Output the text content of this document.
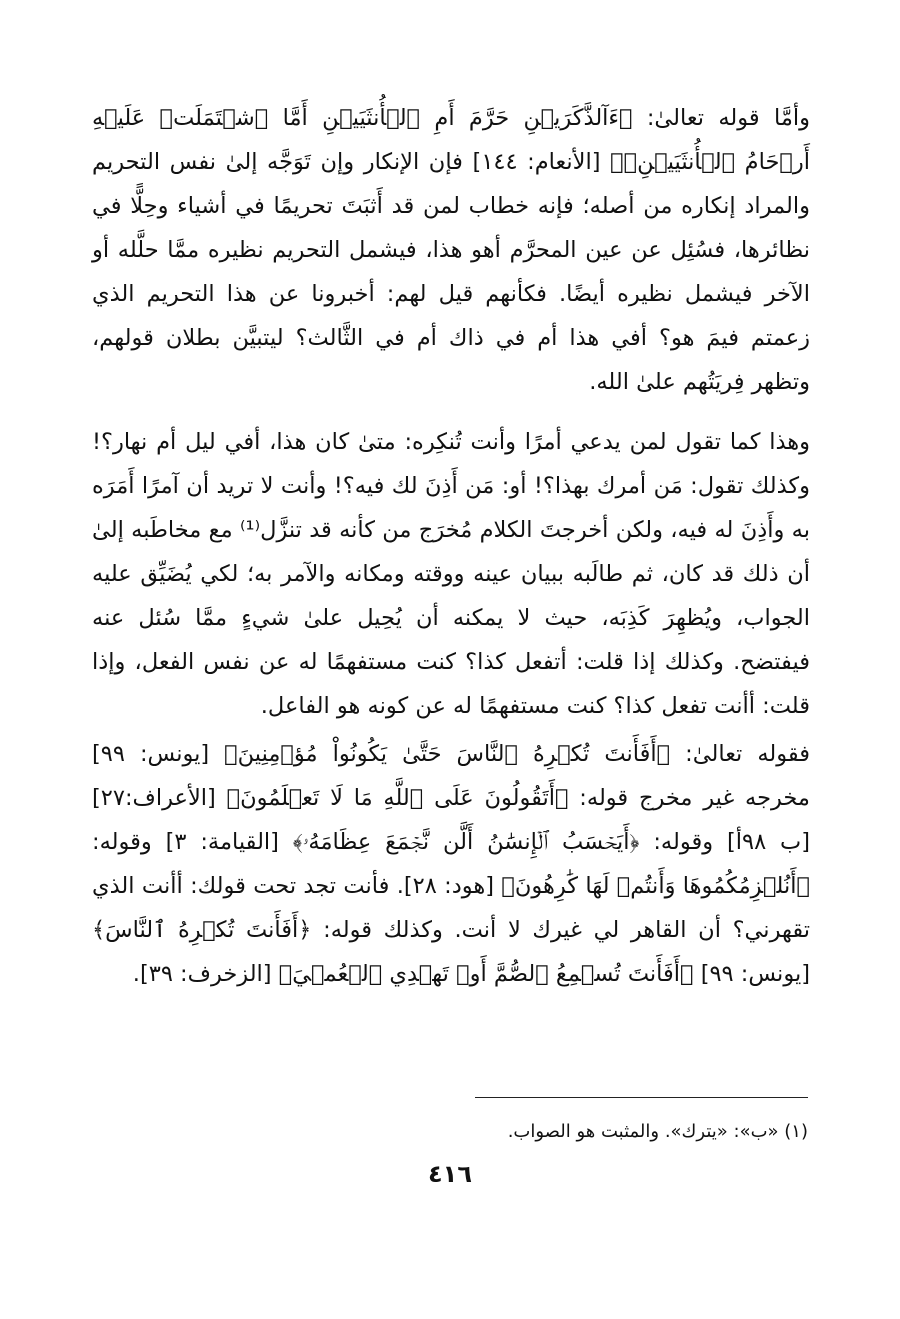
وأمَّا قوله تعالىٰ: ﴿ءَآلذَّكَرَيۡنِ حَرَّمَ أَمِ ٱلۡأُنثَيَيۡنِ أَمَّا ٱشۡتَمَلَتۡ عَلَيۡهِ أَرۡحَامُ ٱلۡأُنثَيَيۡنِۖ﴾ [الأنعام: ١٤٤] فإن الإنكار وإن تَوَجَّه إلىٰ نفس التحريم والمراد إنكاره من أصله؛ فإنه خطاب لمن قد أَثبَتَ تحريمًا في أشياء وحِلًّا في نظائرها، فسُئِل عن عين المحرَّم أهو هذا، فيشمل التحريم نظيره ممَّا حلَّله أو الآخر فيشمل نظيره أيضًا. فكأنهم قيل لهم: أخبرونا عن هذا التحريم الذي زعمتم فيمَ هو؟ أفي هذا أم في ذاك أم في الثَّالث؟ ليتبيَّن بطلان قولهم، وتظهر فِريَتُهم علىٰ الله.

وهذا كما تقول لمن يدعي أمرًا وأنت تُنكِره: متىٰ كان هذا، أفي ليل أم نهار؟! وكذلك تقول: مَن أمرك بهذا؟! أو: مَن أَذِنَ لك فيه؟! وأنت لا تريد أن آمرًا أَمَرَه به وأَذِنَ له فيه، ولكن أخرجتَ الكلام مُخرَج من كأنه قد تنزَّل⁽¹⁾ مع مخاطَبه إلىٰ أن ذلك قد كان، ثم طالَبه ببيان عينه ووقته ومكانه والآمر به؛ لكي يُضَيِّق عليه الجواب، ويُظهِرَ كَذِبَه، حيث لا يمكنه أن يُحِيل علىٰ شيءٍ ممَّا سُئل عنه فيفتضح. وكذلك إذا قلت: أتفعل كذا؟ كنت مستفهمًا له عن نفس الفعل، وإذا قلت: أأنت تفعل كذا؟ كنت مستفهمًا له عن كونه هو الفاعل.

فقوله تعالىٰ: ﴿أَفَأَنتَ تُكۡرِهُ ٱلنَّاسَ حَتَّىٰ يَكُونُواْ مُؤۡمِنِينَ﴾ [يونس: ٩٩] مخرجه غير مخرج قوله: ﴿أَتَقُولُونَ عَلَى ٱللَّهِ مَا لَا تَعۡلَمُونَ﴾ [الأعراف:٢٧] [ب ٩٨أ] وقوله: ﴿أَيَحۡسَبُ ٱلۡإِنسَٰنُ أَلَّن نَّجۡمَعَ عِظَامَهُۥ﴾ [القيامة: ٣] وقوله: ﴿أَنُلۡزِمُكُمُوهَا وَأَنتُمۡ لَهَا كَٰرِهُونَ﴾ [هود: ٢٨]. فأنت تجد تحت قولك: أأنت الذي تقهرني؟ أن القاهر لي غيرك لا أنت. وكذلك قوله: ﴿أَفَأَنتَ تُكۡرِهُ ٱلنَّاسَ﴾ [يونس: ٩٩] ﴿أَفَأَنتَ تُسۡمِعُ ٱلصُّمَّ أَوۡ تَهۡدِي ٱلۡعُمۡيَ﴾ [الزخرف: ٣٩].

(١) «ب»: «يترك». والمثبت هو الصواب.

٤١٦
